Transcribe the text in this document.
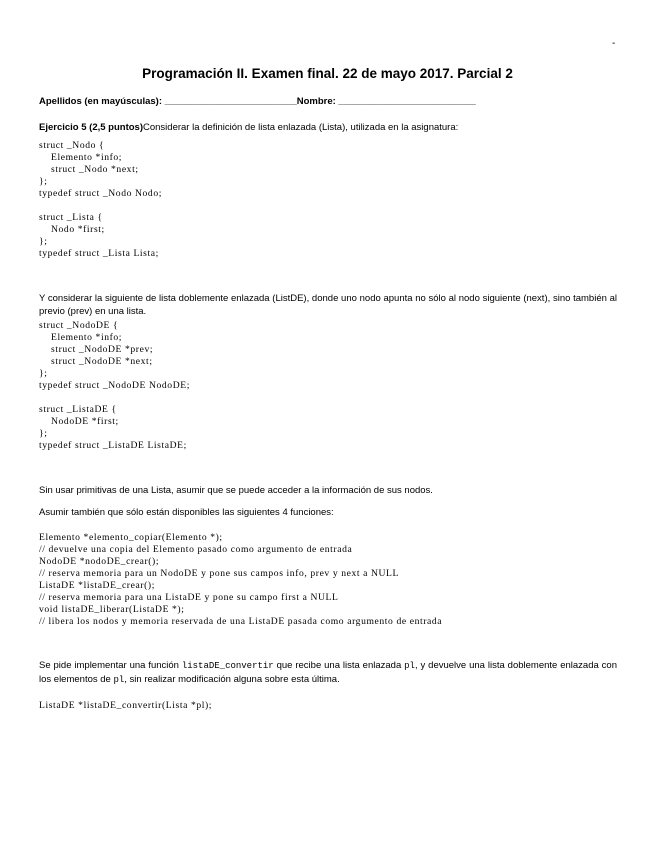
-
Programación II. Examen final. 22 de mayo 2017. Parcial 2
Apellidos (en mayúsculas): _________________________Nombre: __________________________
Ejercicio 5 (2,5 puntos)Considerar la definición de lista enlazada (Lista), utilizada en la asignatura:
struct _Nodo {
Elemento *info;
struct _Nodo *next;
};
typedef struct _Nodo Nodo;

struct _Lista {
Nodo *first;
};
typedef struct _Lista Lista;
Y considerar la siguiente de lista doblemente enlazada (ListDE), donde uno nodo apunta no sólo al nodo siguiente (next), sino también al previo (prev) en una lista.
struct _NodoDE {
Elemento *info;
struct _NodoDE *prev;
struct _NodoDE *next;
};
typedef struct _NodoDE NodoDE;

struct _ListaDE {
NodoDE *first;
};
typedef struct _ListaDE ListaDE;
Sin usar primitivas de una Lista, asumir que se puede acceder a la información de sus nodos.
Asumir también que sólo están disponibles las siguientes 4 funciones:
Elemento *elemento_copiar(Elemento *);
// devuelve una copia del Elemento pasado como argumento de entrada
NodoDE *nodoDE_crear();
// reserva memoria para un NodoDE y pone sus campos info, prev y next a NULL
ListaDE *listaDE_crear();
// reserva memoria para una ListaDE y pone su campo first a NULL
void listaDE_liberar(ListaDE *);
// libera los nodos y memoria reservada de una ListaDE pasada como argumento de entrada
Se pide implementar una función listaDE_convertir que recibe una lista enlazada pl, y devuelve una lista doblemente enlazada con los elementos de pl, sin realizar modificación alguna sobre esta última.
ListaDE *listaDE_convertir(Lista *pl);
